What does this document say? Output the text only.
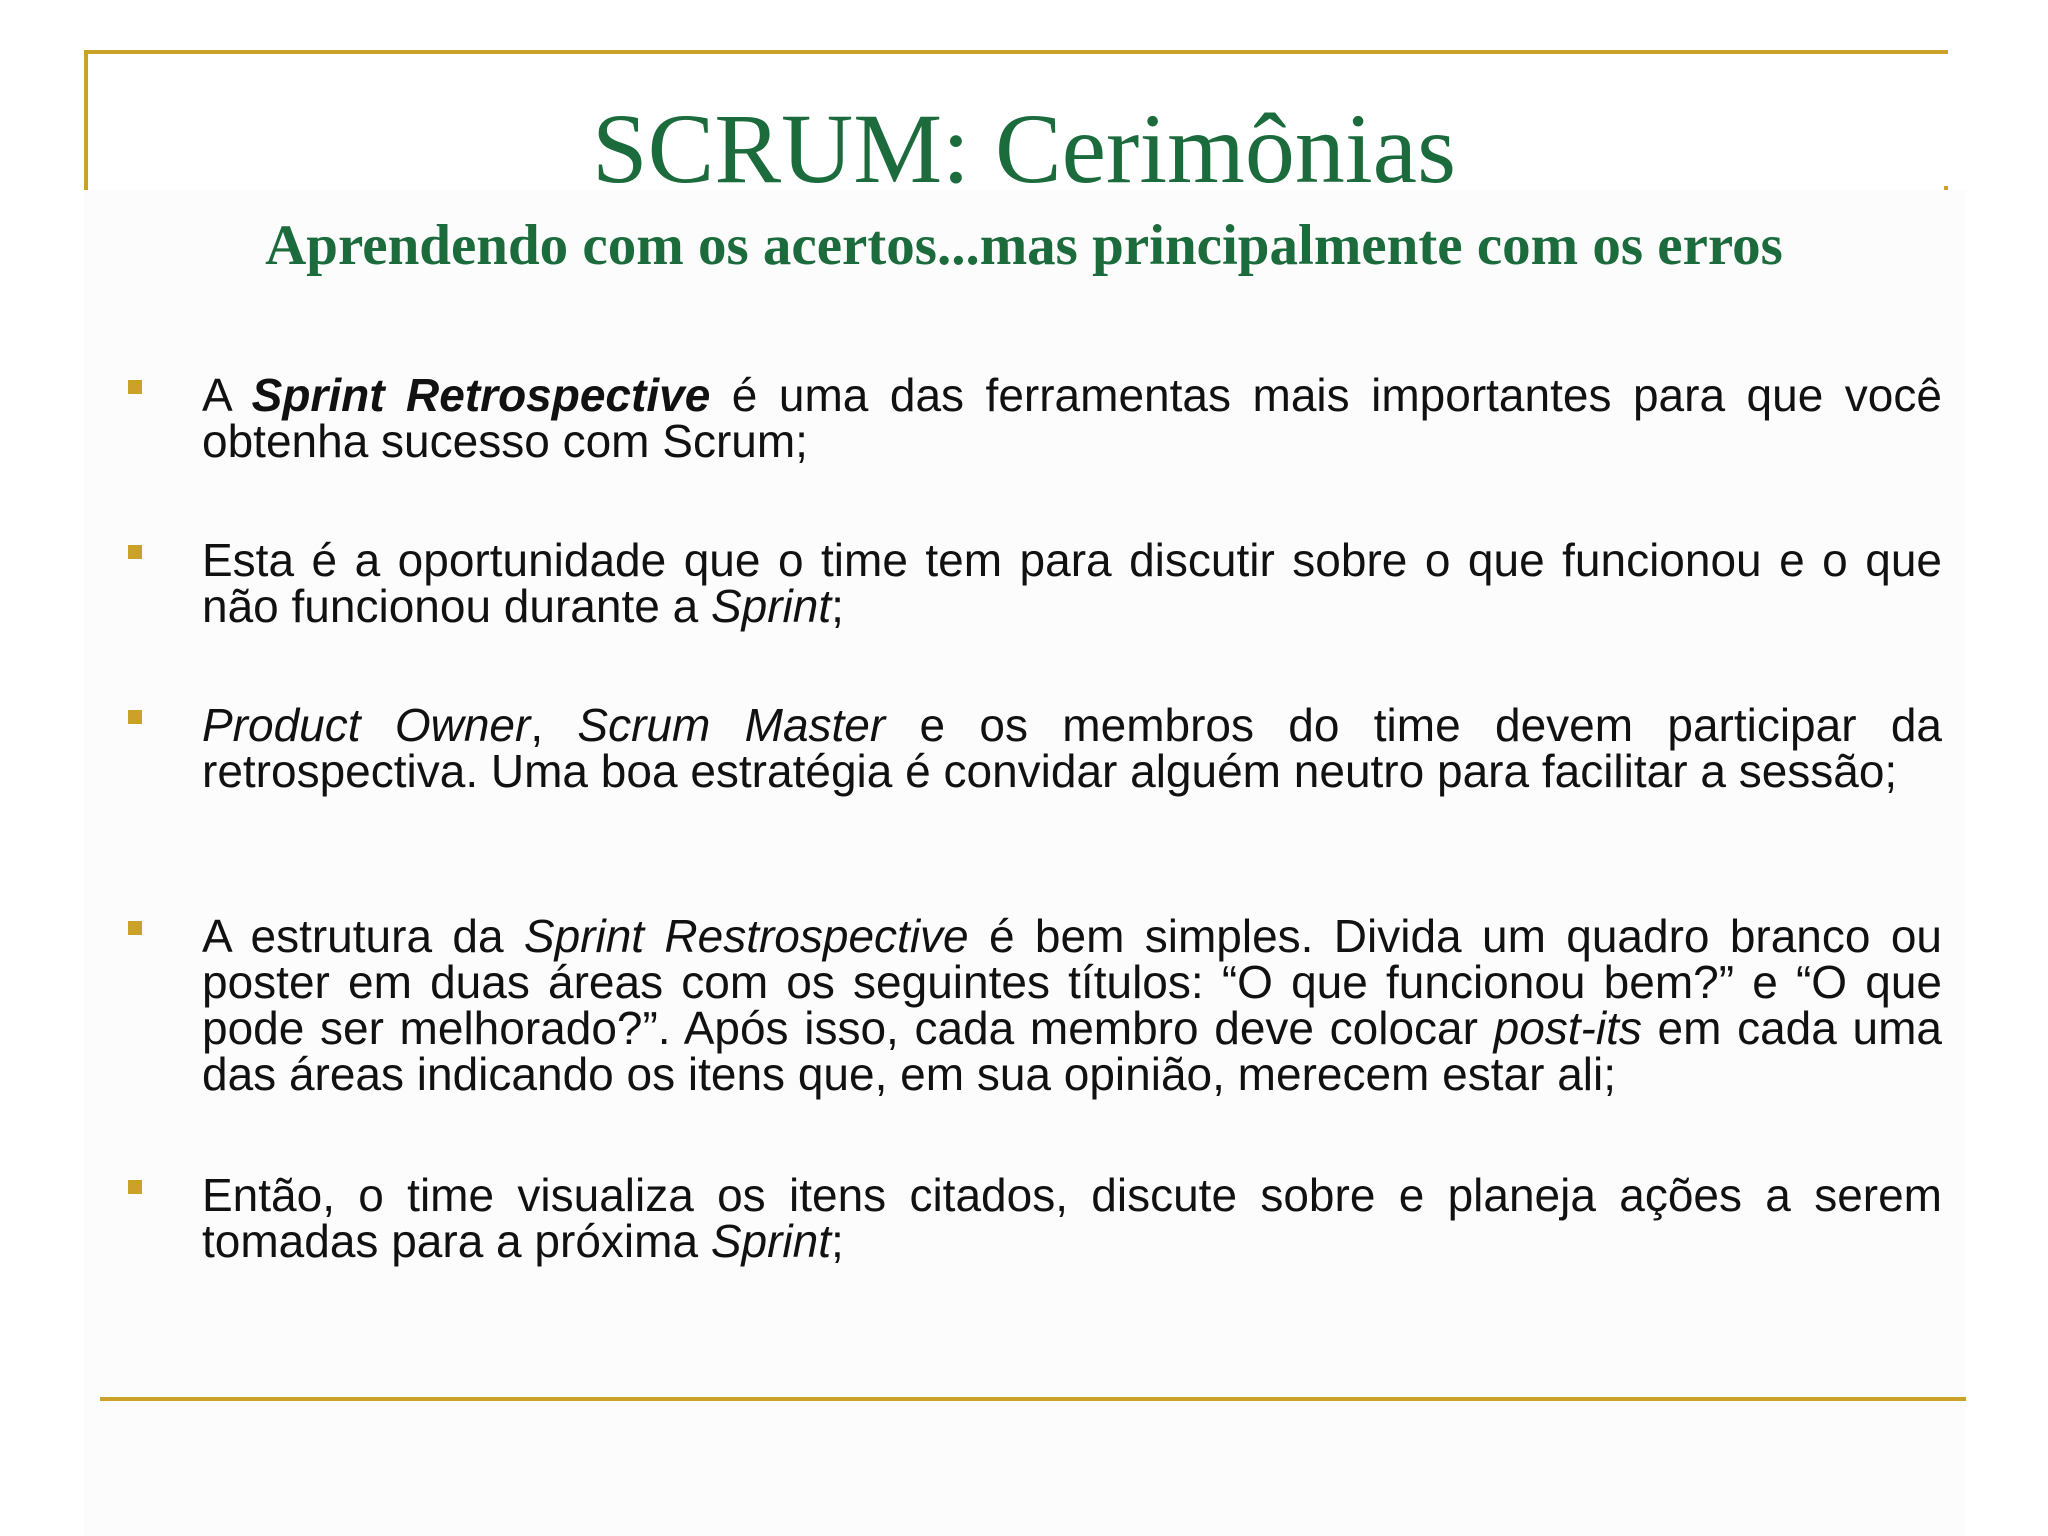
SCRUM: Cerimônias
Aprendendo com os acertos...mas principalmente com os erros
A Sprint Retrospective é uma das ferramentas mais importantes para que você obtenha sucesso com Scrum;
Esta é a oportunidade que o time tem para discutir sobre o que funcionou e o que não funcionou durante a Sprint;
Product Owner, Scrum Master e os membros do time devem participar da retrospectiva. Uma boa estratégia é convidar alguém neutro para facilitar a sessão;
A estrutura da Sprint Restrospective é bem simples. Divida um quadro branco ou poster em duas áreas com os seguintes títulos: “O que funcionou bem?” e “O que pode ser melhorado?”. Após isso, cada membro deve colocar post-its em cada uma das áreas indicando os itens que, em sua opinião, merecem estar ali;
Então, o time visualiza os itens citados, discute sobre e planeja ações a serem tomadas para a próxima Sprint;
